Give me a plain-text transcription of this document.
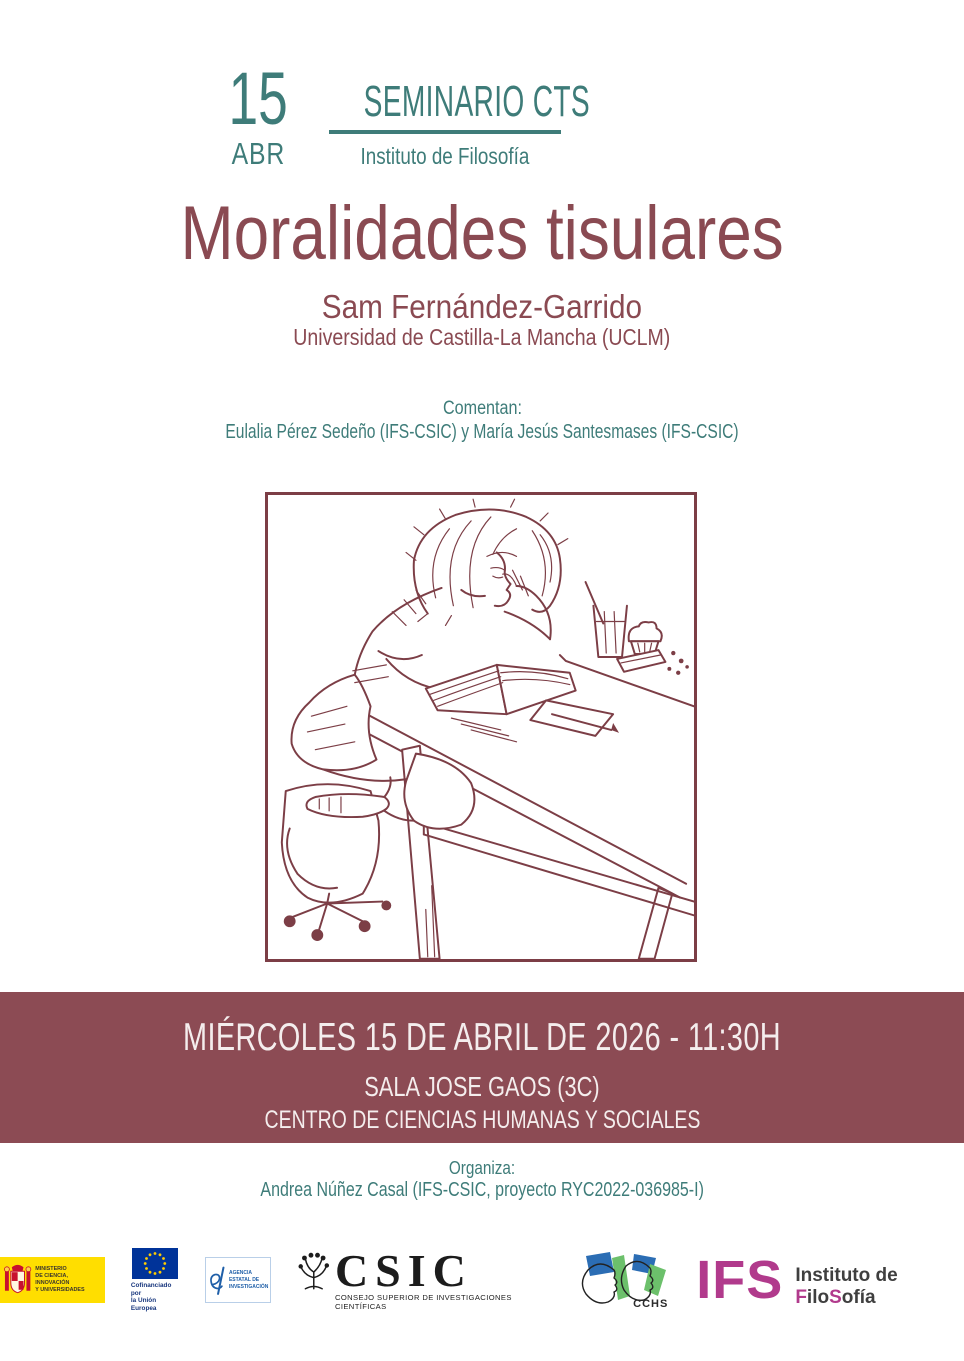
15
ABR
SEMINARIO CTS
Instituto de Filosofía
Moralidades tisulares
Sam Fernández-Garrido
Universidad de Castilla-La Mancha (UCLM)
Comentan:
Eulalia Pérez Sedeño (IFS-CSIC) y María Jesús Santesmases (IFS-CSIC)
MIÉRCOLES 15 DE ABRIL DE 2026 - 11:30H
SALA JOSE GAOS (3C)
CENTRO DE CIENCIAS HUMANAS Y SOCIALES
Organiza:
Andrea Núñez Casal (IFS-CSIC, proyecto RYC2022-036985-I)
MINISTERIO
DE CIENCIA, INNOVACIÓN
Y UNIVERSIDADES
Cofinanciado por
la Unión Europea
AGENCIA
ESTATAL DE
INVESTIGACIÓN CSIC
CONSEJO SUPERIOR DE INVESTIGACIONES CIENTÍFICAS	CCHS IFS Instituto de FiloSofía
